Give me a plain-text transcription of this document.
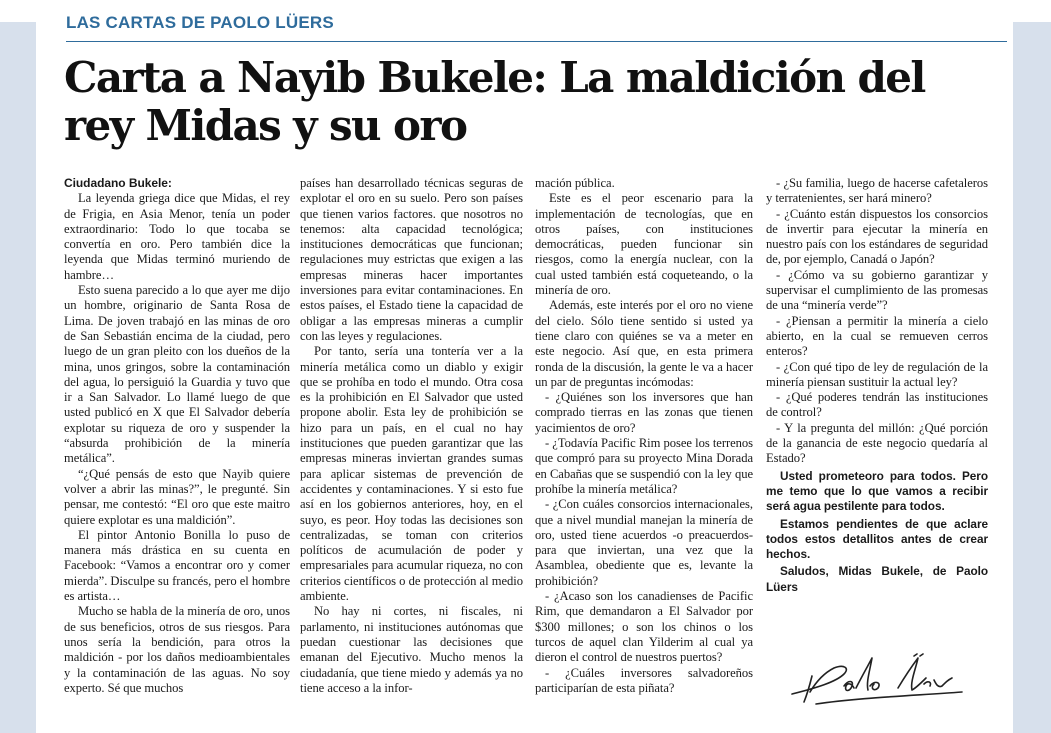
LAS CARTAS DE PAOLO LÜERS
Carta a Nayib Bukele: La maldición del rey Midas y su oro

Ciudadano Bukele:

La leyenda griega dice que Midas, el rey de Frigia, en Asia Menor, tenía un poder extraordinario: Todo lo que tocaba se convertía en oro. Pero también dice la leyenda que Midas terminó muriendo de hambre…

Esto suena parecido a lo que ayer me dijo un hombre, originario de Santa Rosa de Lima. De joven trabajó en las minas de oro de San Sebastián encima de la ciudad, pero luego de un gran pleito con los dueños de la mina, unos gringos, sobre la contaminación del agua, lo persiguió la Guardia y tuvo que ir a San Salvador. Lo llamé luego de que usted publicó en X que El Salvador debería explotar su riqueza de oro y suspender la “absurda prohibición de la minería metálica”.

“¿Qué pensás de esto que Nayib quiere volver a abrir las minas?”, le pregunté. Sin pensar, me contestó: “El oro que este maitro quiere explotar es una maldición”.

El pintor Antonio Bonilla lo puso de manera más drástica en su cuenta en Facebook: “Vamos a encontrar oro y comer mierda”. Disculpe su francés, pero el hombre es artista…

Mucho se habla de la minería de oro, unos de sus beneficios, otros de sus riesgos. Para unos sería la bendición, para otros la maldición - por los daños medioambientales y la contaminación de las aguas. No soy experto. Sé que muchos

países han desarrollado técnicas seguras de explotar el oro en su suelo. Pero son países que tienen varios factores. que nosotros no tenemos: alta capacidad tecnológica; instituciones democráticas que funcionan; regulaciones muy estrictas que exigen a las empresas mineras hacer importantes inversiones para evitar contaminaciones. En estos países, el Estado tiene la capacidad de obligar a las empresas mineras a cumplir con las leyes y regulaciones.

Por tanto, sería una tontería ver a la minería metálica como un diablo y exigir que se prohíba en todo el mundo. Otra cosa es la prohibición en El Salvador que usted propone abolir. Esta ley de prohibición se hizo para un país, en el cual no hay instituciones que pueden garantizar que las empresas mineras inviertan grandes sumas para aplicar sistemas de prevención de accidentes y contaminaciones. Y si esto fue así en los gobiernos anteriores, hoy, en el suyo, es peor. Hoy todas las decisiones son centralizadas, se toman con criterios políticos de acumulación de poder y empresariales para acumular riqueza, no con criterios científicos o de protección al medio ambiente.

No hay ni cortes, ni fiscales, ni parlamento, ni instituciones autónomas que puedan cuestionar las decisiones que emanan del Ejecutivo. Mucho menos la ciudadanía, que tiene miedo y además ya no tiene acceso a la infor-

mación pública.

Este es el peor escenario para la implementación de tecnologías, que en otros países, con instituciones democráticas, pueden funcionar sin riesgos, como la energía nuclear, con la cual usted también está coqueteando, o la minería de oro.

Además, este interés por el oro no viene del cielo. Sólo tiene sentido si usted ya tiene claro con quiénes se va a meter en este negocio. Así que, en esta primera ronda de la discusión, la gente le va a hacer un par de preguntas incómodas:

- ¿Quiénes son los inversores que han comprado tierras en las zonas que tienen yacimientos de oro?

- ¿Todavía Pacific Rim posee los terrenos que compró para su proyecto Mina Dorada en Cabañas que se suspendió con la ley que prohíbe la minería metálica?

- ¿Con cuáles consorcios internacionales, que a nivel mundial manejan la minería de oro, usted tiene acuerdos -o preacuerdos- para que inviertan, una vez que la Asamblea, obediente que es, levante la prohibición?

- ¿Acaso son los canadienses de Pacific Rim, que demandaron a El Salvador por $300 millones; o son los chinos o los turcos de aquel clan Yilderim al cual ya dieron el control de nuestros puertos?

- ¿Cuáles inversores salvadoreños participarían de esta piñata?

- ¿Su familia, luego de hacerse cafetaleros y terratenientes, ser hará minero?

- ¿Cuánto están dispuestos los consorcios de invertir para ejecutar la minería en nuestro país con los estándares de seguridad de, por ejemplo, Canadá o Japón?

- ¿Cómo va su gobierno garantizar y supervisar el cumplimiento de las promesas de una “minería verde”?

- ¿Piensan a permitir la minería a cielo abierto, en la cual se remueven cerros enteros?

- ¿Con qué tipo de ley de regulación de la minería piensan sustituir la actual ley?

- ¿Qué poderes tendrán las instituciones de control?

- Y la pregunta del millón: ¿Qué porción de la ganancia de este negocio quedaría al Estado?

Usted prometeoro para todos. Pero me temo que lo que vamos a recibir será agua pestilente para todos.

Estamos pendientes de que aclare todos estos detallitos antes de crear hechos.

Saludos, Midas Bukele, de Paolo Lüers
